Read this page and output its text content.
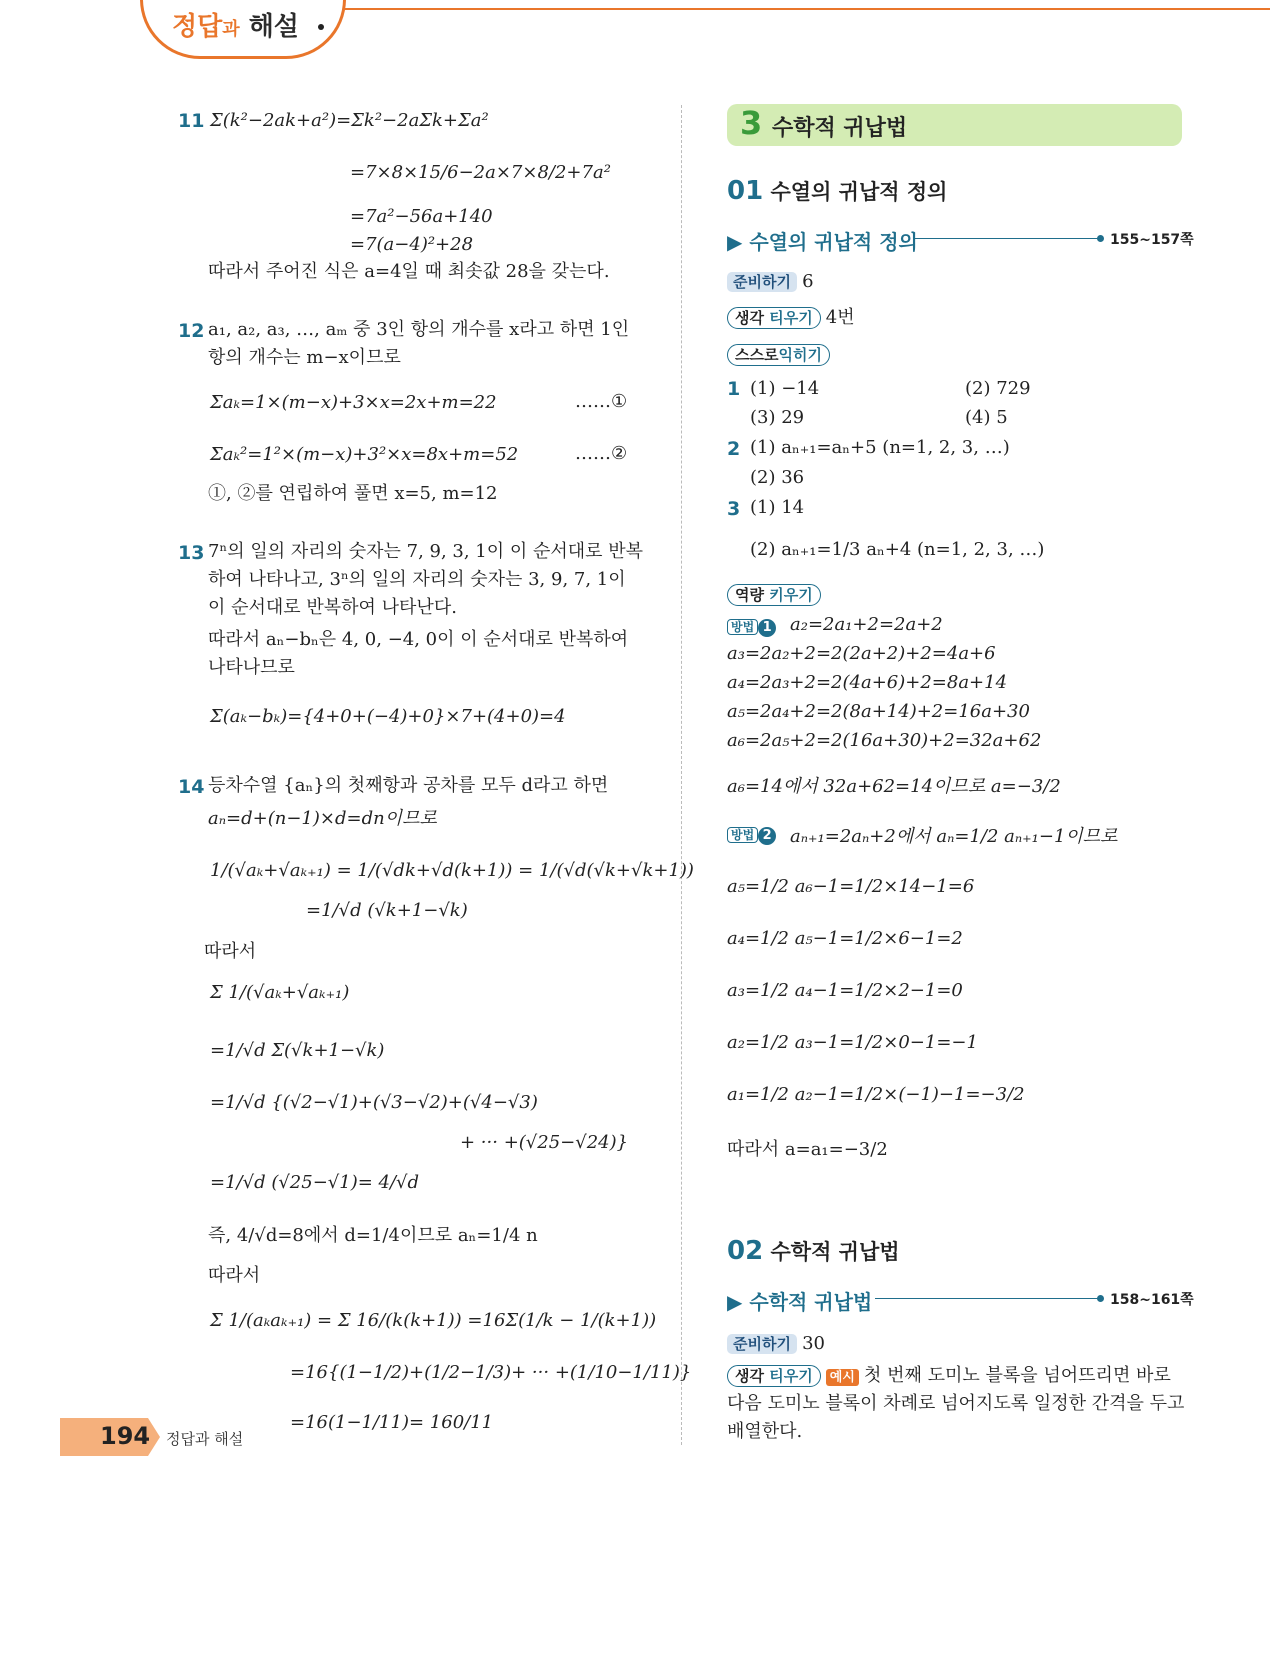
정답과 해설
11 Σ(k²−2ak+a²)=Σk²−2aΣk+Σa²
=7×8×15/6−2a×7×8/2+7a²
=7a²−56a+140
=7(a−4)²+28
따라서 주어진 식은 a=4일 때 최솟값 28을 갖는다.
12 a₁, a₂, a₃, …, aₘ 중 3인 항의 개수를 x라고 하면 1인
항의 개수는 m−x이므로
Σaₖ=1×(m−x)+3×x=2x+m=22	……①
Σaₖ²=1²×(m−x)+3²×x=8x+m=52	……②
①, ②를 연립하여 풀면 x=5, m=12
13 7ⁿ의 일의 자리의 숫자는 7, 9, 3, 1이 이 순서대로 반복
하여 나타나고, 3ⁿ의 일의 자리의 숫자는 3, 9, 7, 1이
이 순서대로 반복하여 나타난다.
따라서 aₙ−bₙ은 4, 0, −4, 0이 이 순서대로 반복하여
나타나므로
Σ(aₖ−bₖ)={4+0+(−4)+0}×7+(4+0)=4
14 등차수열 {aₙ}의 첫째항과 공차를 모두 d라고 하면
aₙ=d+(n−1)×d=dn이므로
1/(√aₖ+√aₖ₊₁) = 1/(√dk+√d(k+1)) = 1/(√d(√k+√k+1))
=1/√d (√k+1−√k)
따라서
Σ 1/(√aₖ+√aₖ₊₁)
=1/√d Σ(√k+1−√k)
=1/√d {(√2−√1)+(√3−√2)+(√4−√3)
+ ··· +(√25−√24)}
=1/√d (√25−√1)= 4/√d
즉, 4/√d=8에서 d=1/4이므로 aₙ=1/4 n
따라서
Σ 1/(aₖaₖ₊₁) = Σ 16/(k(k+1)) =16Σ(1/k − 1/(k+1))
=16{(1−1/2)+(1/2−1/3)+ ··· +(1/10−1/11)}
=16(1−1/11)= 160/11
3 수학적 귀납법
01 수열의 귀납적 정의
▶ 수열의 귀납적 정의	155~157쪽
준비하기 6
생각 티우기 4번
스스로익히기
1 (1) −14	(2) 729
(3) 29	(4) 5
2 (1) aₙ₊₁=aₙ+5 (n=1, 2, 3, …)
(2) 36
3 (1) 14
(2) aₙ₊₁=1/3 aₙ+4 (n=1, 2, 3, …)
역량 키우기
방법 1 a₂=2a₁+2=2a+2
a₃=2a₂+2=2(2a+2)+2=4a+6
a₄=2a₃+2=2(4a+6)+2=8a+14
a₅=2a₄+2=2(8a+14)+2=16a+30
a₆=2a₅+2=2(16a+30)+2=32a+62
a₆=14에서 32a+62=14이므로 a=−3/2
방법 2 aₙ₊₁=2aₙ+2에서 aₙ=1/2 aₙ₊₁−1이므로
a₅=1/2 a₆−1=1/2×14−1=6
a₄=1/2 a₅−1=1/2×6−1=2
a₃=1/2 a₄−1=1/2×2−1=0
a₂=1/2 a₃−1=1/2×0−1=−1
a₁=1/2 a₂−1=1/2×(−1)−1=−3/2
따라서 a=a₁=−3/2
02 수학적 귀납법
▶ 수학적 귀납법	158~161쪽
준비하기 30
생각 티우기 예시 첫 번째 도미노 블록을 넘어뜨리면 바로
다음 도미노 블록이 차례로 넘어지도록 일정한 간격을 두고
배열한다.
194 정답과 해설
